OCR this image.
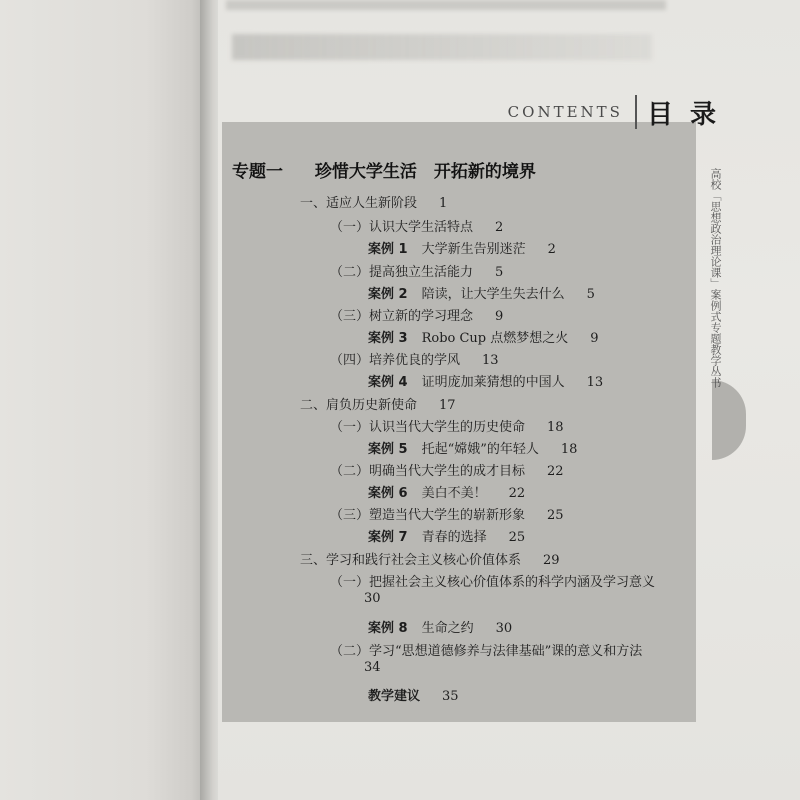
CONTENTS 目 录
高校「思想政治理论课」案例式专题教学丛书
专题一 珍惜大学生活　开拓新的境界
一、适应人生新阶段 1
（一）认识大学生活特点 2
案例 1 大学新生告别迷茫 2
（二）提高独立生活能力 5
案例 2 陪读，让大学生失去什么 5
（三）树立新的学习理念 9
案例 3 Robo Cup 点燃梦想之火 9
（四）培养优良的学风 13
案例 4 证明庞加莱猜想的中国人 13
二、肩负历史新使命 17
（一）认识当代大学生的历史使命 18
案例 5 托起“嫦娥”的年轻人 18
（二）明确当代大学生的成才目标 22
案例 6 美白不美！ 22
（三）塑造当代大学生的崭新形象 25
案例 7 青春的选择 25
三、学习和践行社会主义核心价值体系 29
（一）把握社会主义核心价值体系的科学内涵及学习意义
30
案例 8 生命之约 30
（二）学习“思想道德修养与法律基础”课的意义和方法
34
教学建议 35
